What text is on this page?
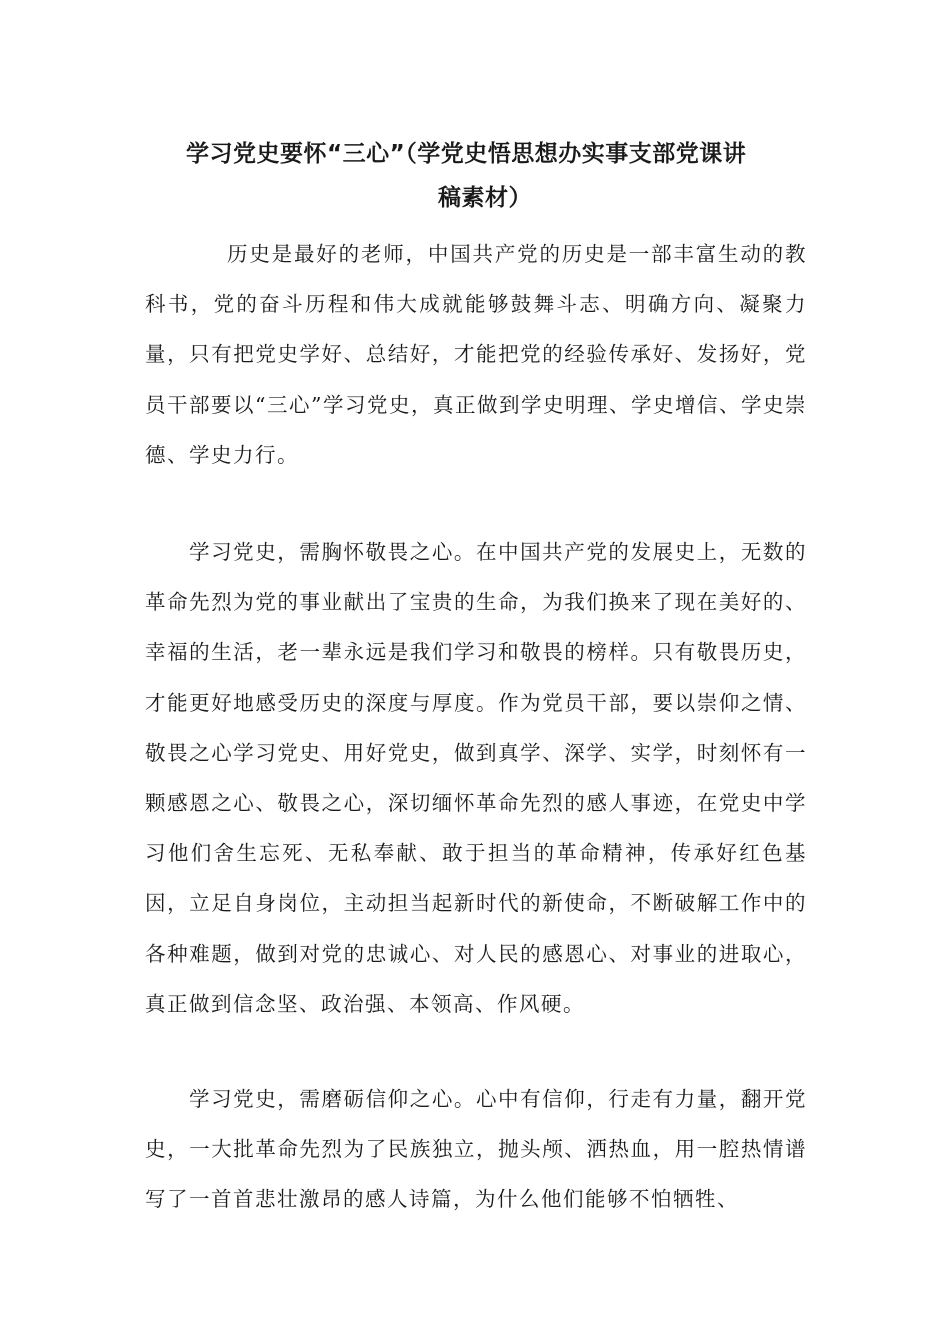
学习党史要怀“三心”（学党史悟思想办实事支部党课讲
稿素材）

历史是最好的老师，中国共产党的历史是一部丰富生动的教科书，党的奋斗历程和伟大成就能够鼓舞斗志、明确方向、凝聚力量，只有把党史学好、总结好，才能把党的经验传承好、发扬好，党员干部要以“三心”学习党史，真正做到学史明理、学史增信、学史崇德、学史力行。

学习党史，需胸怀敬畏之心。在中国共产党的发展史上，无数的革命先烈为党的事业献出了宝贵的生命，为我们换来了现在美好的、幸福的生活，老一辈永远是我们学习和敬畏的榜样。只有敬畏历史，才能更好地感受历史的深度与厚度。作为党员干部，要以崇仰之情、敬畏之心学习党史、用好党史，做到真学、深学、实学，时刻怀有一颗感恩之心、敬畏之心，深切缅怀革命先烈的感人事迹，在党史中学习他们舍生忘死、无私奉献、敢于担当的革命精神，传承好红色基因，立足自身岗位，主动担当起新时代的新使命，不断破解工作中的各种难题，做到对党的忠诚心、对人民的感恩心、对事业的进取心，真正做到信念坚、政治强、本领高、作风硬。

学习党史，需磨砺信仰之心。心中有信仰，行走有力量，翻开党史，一大批革命先烈为了民族独立，抛头颅、洒热血，用一腔热情谱写了一首首悲壮激昂的感人诗篇，为什么他们能够不怕牺牲、
